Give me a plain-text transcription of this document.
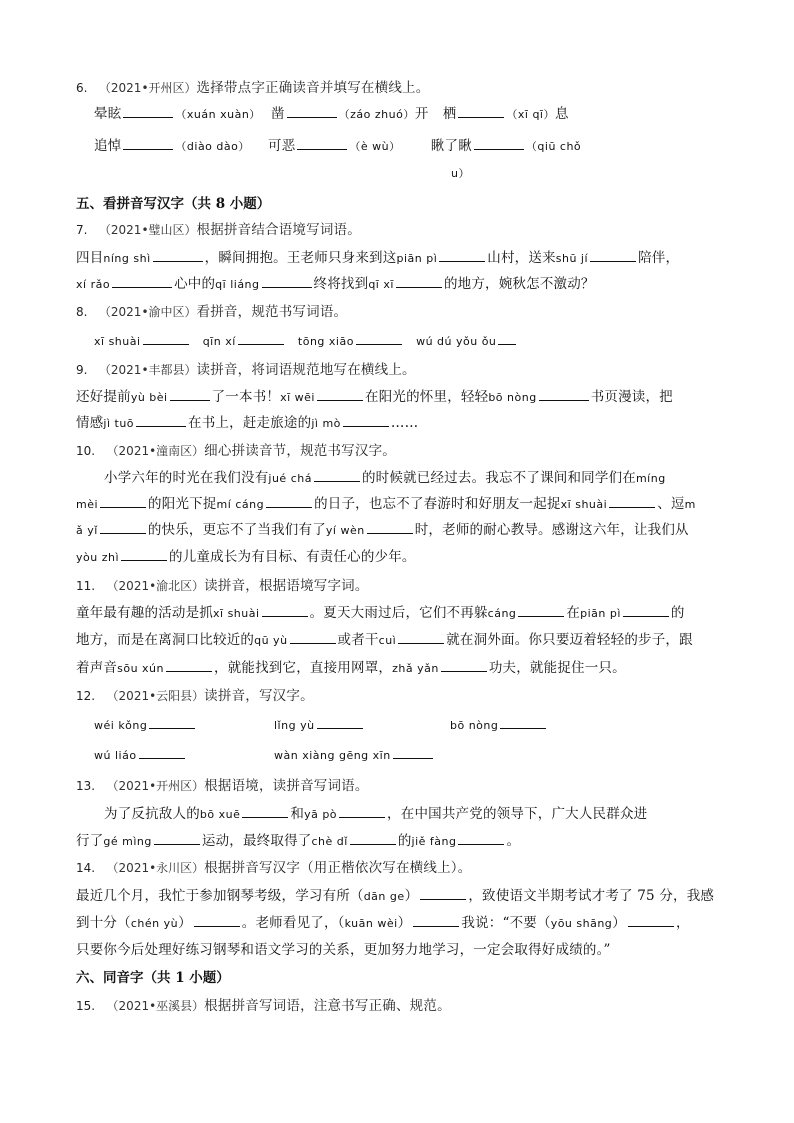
6. （2021•开州区）选择带点字正确读音并填写在横线上。
晕眩	（xuán xuàn） 凿	（záo zhuó）开 栖	（xī qī）息
追悼	（diào dào） 可恶	（è wù） 瞅了瞅	（qiū chǒ
u）
五、看拼音写汉字（共 8 小题）
7. （2021•璧山区）根据拼音结合语境写词语。
四目níng shì	，瞬间拥抱。王老师只身来到这piān pì	山村，送来shū jí	陪伴，
xí rǎo	心中的qī liáng	终将找到qī xī	的地方，婉秋怎不激动？
8. （2021•渝中区）看拼音，规范书写词语。
xī shuài	qīn xí	tōng xiāo	wú dú yǒu ǒu
9. （2021•丰都县）读拼音，将词语规范地写在横线上。
还好提前yù bèi	了一本书！xī wēi	在阳光的怀里，轻轻bō nòng	书页漫读，把
情感jì tuō	在书上，赶走旅途的jì mò	……
10. （2021•潼南区）细心拼读音节，规范书写汉字。
小学六年的时光在我们没有jué chá	的时候就已经过去。我忘不了课间和同学们在míng
mèi	的阳光下捉mí cáng	的日子，也忘不了春游时和好朋友一起捉xī shuài	、逗m
ǎ yǐ	的快乐，更忘不了当我们有了yí wèn	时，老师的耐心教导。感谢这六年，让我们从
yòu zhì	的儿童成长为有目标、有责任心的少年。
11. （2021•渝北区）读拼音，根据语境写字词。
童年最有趣的活动是抓xī shuài	。夏天大雨过后，它们不再躲cáng	在piān pì	的
地方，而是在离洞口比较近的qū yù	或者干cuì	就在洞外面。你只要迈着轻轻的步子，跟
着声音sōu xún	，就能找到它，直接用网罩，zhǎ yǎn	功夫，就能捉住一只。
12. （2021•云阳县）读拼音，写汉字。
wéi kǒng	lǐng yù	bō nòng
wú liáo	wàn xiàng gēng xīn
13. （2021•开州区）根据语境，读拼音写词语。
为了反抗敌人的bō xuē	和yā pò	，在中国共产党的领导下，广大人民群众进
行了gé mìng	运动，最终取得了chè dǐ	的jiě fàng	。
14. （2021•永川区）根据拼音写汉字（用正楷依次写在横线上）。
最近几个月，我忙于参加钢琴考级，学习有所（dān ge）	，致使语文半期考试才考了 75 分，我感
到十分（chén yù）	。老师看见了，（kuān wèi）	我说：“不要（yōu shāng）	，
只要你今后处理好练习钢琴和语文学习的关系，更加努力地学习，一定会取得好成绩的。”
六、同音字（共 1 小题）
15. （2021•巫溪县）根据拼音写词语，注意书写正确、规范。
